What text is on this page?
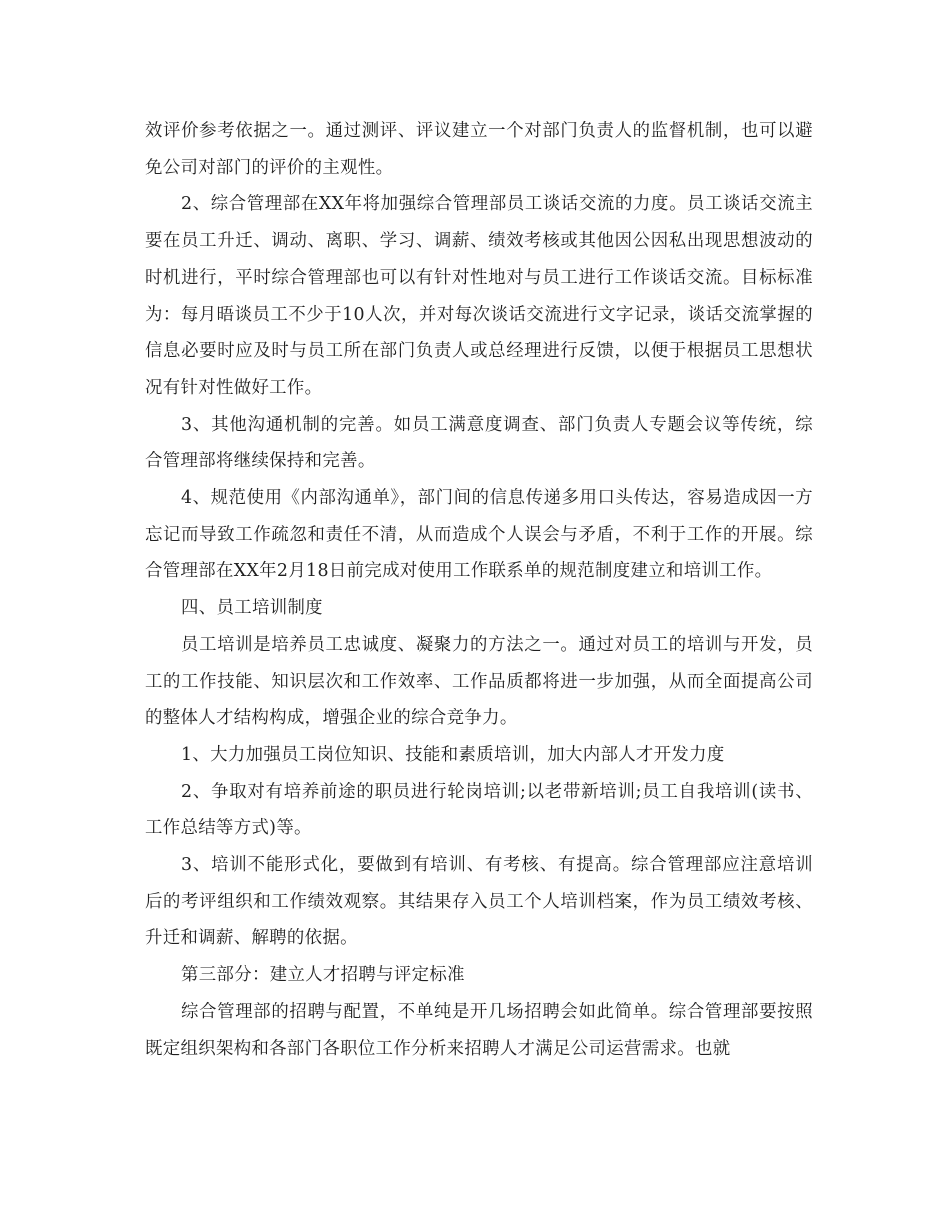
效评价参考依据之一。通过测评、评议建立一个对部门负责人的监督机制，也可以避免公司对部门的评价的主观性。

2、综合管理部在XX年将加强综合管理部员工谈话交流的力度。员工谈话交流主要在员工升迁、调动、离职、学习、调薪、绩效考核或其他因公因私出现思想波动的时机进行，平时综合管理部也可以有针对性地对与员工进行工作谈话交流。目标标准为：每月晤谈员工不少于10人次，并对每次谈话交流进行文字记录，谈话交流掌握的信息必要时应及时与员工所在部门负责人或总经理进行反馈，以便于根据员工思想状况有针对性做好工作。

3、其他沟通机制的完善。如员工满意度调查、部门负责人专题会议等传统，综合管理部将继续保持和完善。

4、规范使用《内部沟通单》，部门间的信息传递多用口头传达，容易造成因一方忘记而导致工作疏忽和责任不清，从而造成个人误会与矛盾，不利于工作的开展。综合管理部在XX年2月18日前完成对使用工作联系单的规范制度建立和培训工作。

四、员工培训制度

员工培训是培养员工忠诚度、凝聚力的方法之一。通过对员工的培训与开发，员工的工作技能、知识层次和工作效率、工作品质都将进一步加强，从而全面提高公司的整体人才结构构成，增强企业的综合竞争力。

1、大力加强员工岗位知识、技能和素质培训，加大内部人才开发力度

2、争取对有培养前途的职员进行轮岗培训;以老带新培训;员工自我培训(读书、工作总结等方式)等。

3、培训不能形式化，要做到有培训、有考核、有提高。综合管理部应注意培训后的考评组织和工作绩效观察。其结果存入员工个人培训档案，作为员工绩效考核、升迁和调薪、解聘的依据。

第三部分：建立人才招聘与评定标准

综合管理部的招聘与配置，不单纯是开几场招聘会如此简单。综合管理部要按照既定组织架构和各部门各职位工作分析来招聘人才满足公司运营需求。也就
